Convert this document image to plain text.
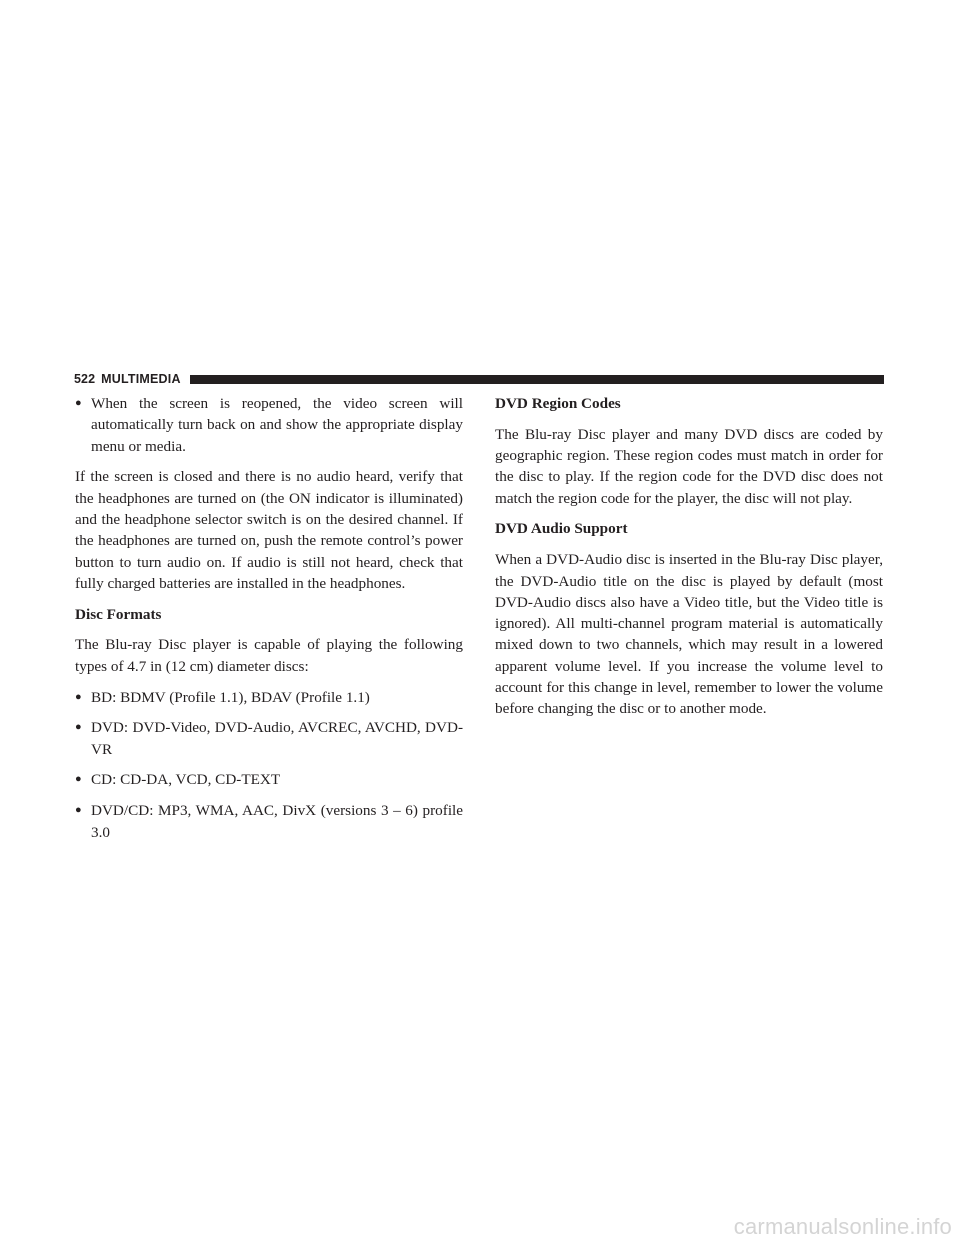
522 MULTIMEDIA
● When the screen is reopened, the video screen will automatically turn back on and show the appropriate display menu or media.

If the screen is closed and there is no audio heard, verify that the headphones are turned on (the ON indicator is illuminated) and the headphone selector switch is on the desired channel. If the headphones are turned on, push the remote control’s power button to turn audio on. If audio is still not heard, check that fully charged batteries are installed in the headphones.

Disc Formats

The Blu-ray Disc player is capable of playing the following types of 4.7 in (12 cm) diameter discs:

● BD: BDMV (Profile 1.1), BDAV (Profile 1.1)
● DVD: DVD-Video, DVD-Audio, AVCREC, AVCHD, DVD-VR
● CD: CD-DA, VCD, CD-TEXT
● DVD/CD: MP3, WMA, AAC, DivX (versions 3 – 6) profile 3.0

DVD Region Codes

The Blu-ray Disc player and many DVD discs are coded by geographic region. These region codes must match in order for the disc to play. If the region code for the DVD disc does not match the region code for the player, the disc will not play.

DVD Audio Support

When a DVD-Audio disc is inserted in the Blu-ray Disc player, the DVD-Audio title on the disc is played by default (most DVD-Audio discs also have a Video title, but the Video title is ignored). All multi-channel program material is automatically mixed down to two channels, which may result in a lowered apparent volume level. If you increase the volume level to account for this change in level, remember to lower the volume before changing the disc or to another mode.

carmanualsonline.info
